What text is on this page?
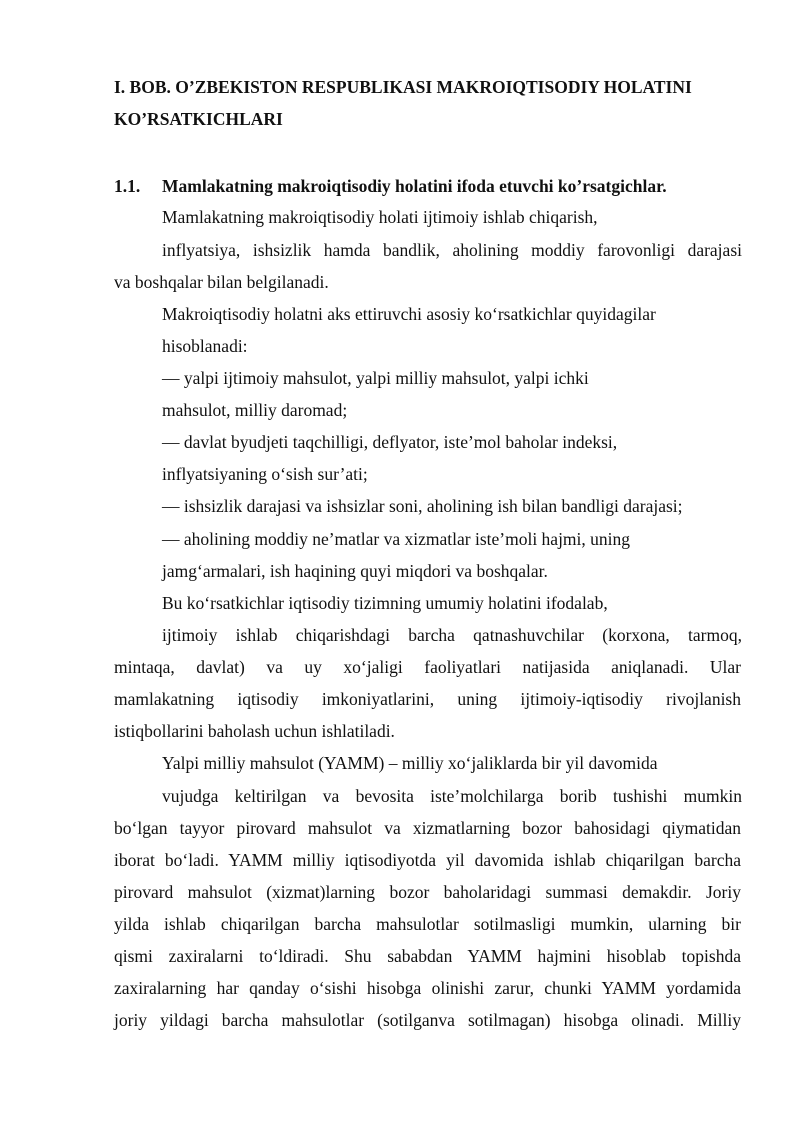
I. BOB. O’ZBEKISTON RESPUBLIKASI MAKROIQTISODIY HOLATINI
KO’RSATKICHLARI
1.1. Mamlakatning makroiqtisodiy holatini ifoda etuvchi ko’rsatgichlar.
Mamlakatning makroiqtisodiy holati ijtimoiy ishlab chiqarish,
inflyatsiya, ishsizlik hamda bandlik, aholining moddiy farovonligi darajasi
va boshqalar bilan belgilanadi.
Makroiqtisodiy holatni aks ettiruvchi asosiy ko‘rsatkichlar quyidagilar
hisoblanadi:
— yalpi ijtimoiy mahsulot, yalpi milliy mahsulot, yalpi ichki
mahsulot, milliy daromad;
— davlat byudjeti taqchilligi, deflyator, iste’mol baholar indeksi,
inflyatsiyaning o‘sish sur’ati;
— ishsizlik darajasi va ishsizlar soni, aholining ish bilan bandligi darajasi;
— aholining moddiy ne’matlar va xizmatlar iste’moli hajmi, uning
jamg‘armalari, ish haqining quyi miqdori va boshqalar.
Bu ko‘rsatkichlar iqtisodiy tizimning umumiy holatini ifodalab,
ijtimoiy ishlab chiqarishdagi barcha qatnashuvchilar (korxona, tarmoq,
mintaqa, davlat) va uy xo‘jaligi faoliyatlari natijasida aniqlanadi. Ular
mamlakatning iqtisodiy imkoniyatlarini, uning ijtimoiy-iqtisodiy rivojlanish
istiqbollarini baholash uchun ishlatiladi.
Yalpi milliy mahsulot (YAMM) – milliy xo‘jaliklarda bir yil davomida
vujudga keltirilgan va bevosita iste’molchilarga borib tushishi mumkin
bo‘lgan tayyor pirovard mahsulot va xizmatlarning bozor bahosidagi qiymatidan
iborat bo‘ladi. YAMM milliy iqtisodiyotda yil davomida ishlab chiqarilgan barcha
pirovard mahsulot (xizmat)larning bozor baholaridagi summasi demakdir. Joriy
yilda ishlab chiqarilgan barcha mahsulotlar sotilmasligi mumkin, ularning bir
qismi zaxiralarni to‘ldiradi. Shu sababdan YAMM hajmini hisoblab topishda
zaxiralarning har qanday o‘sishi hisobga olinishi zarur, chunki YAMM yordamida
joriy yildagi barcha mahsulotlar (sotilganva sotilmagan) hisobga olinadi. Milliy
